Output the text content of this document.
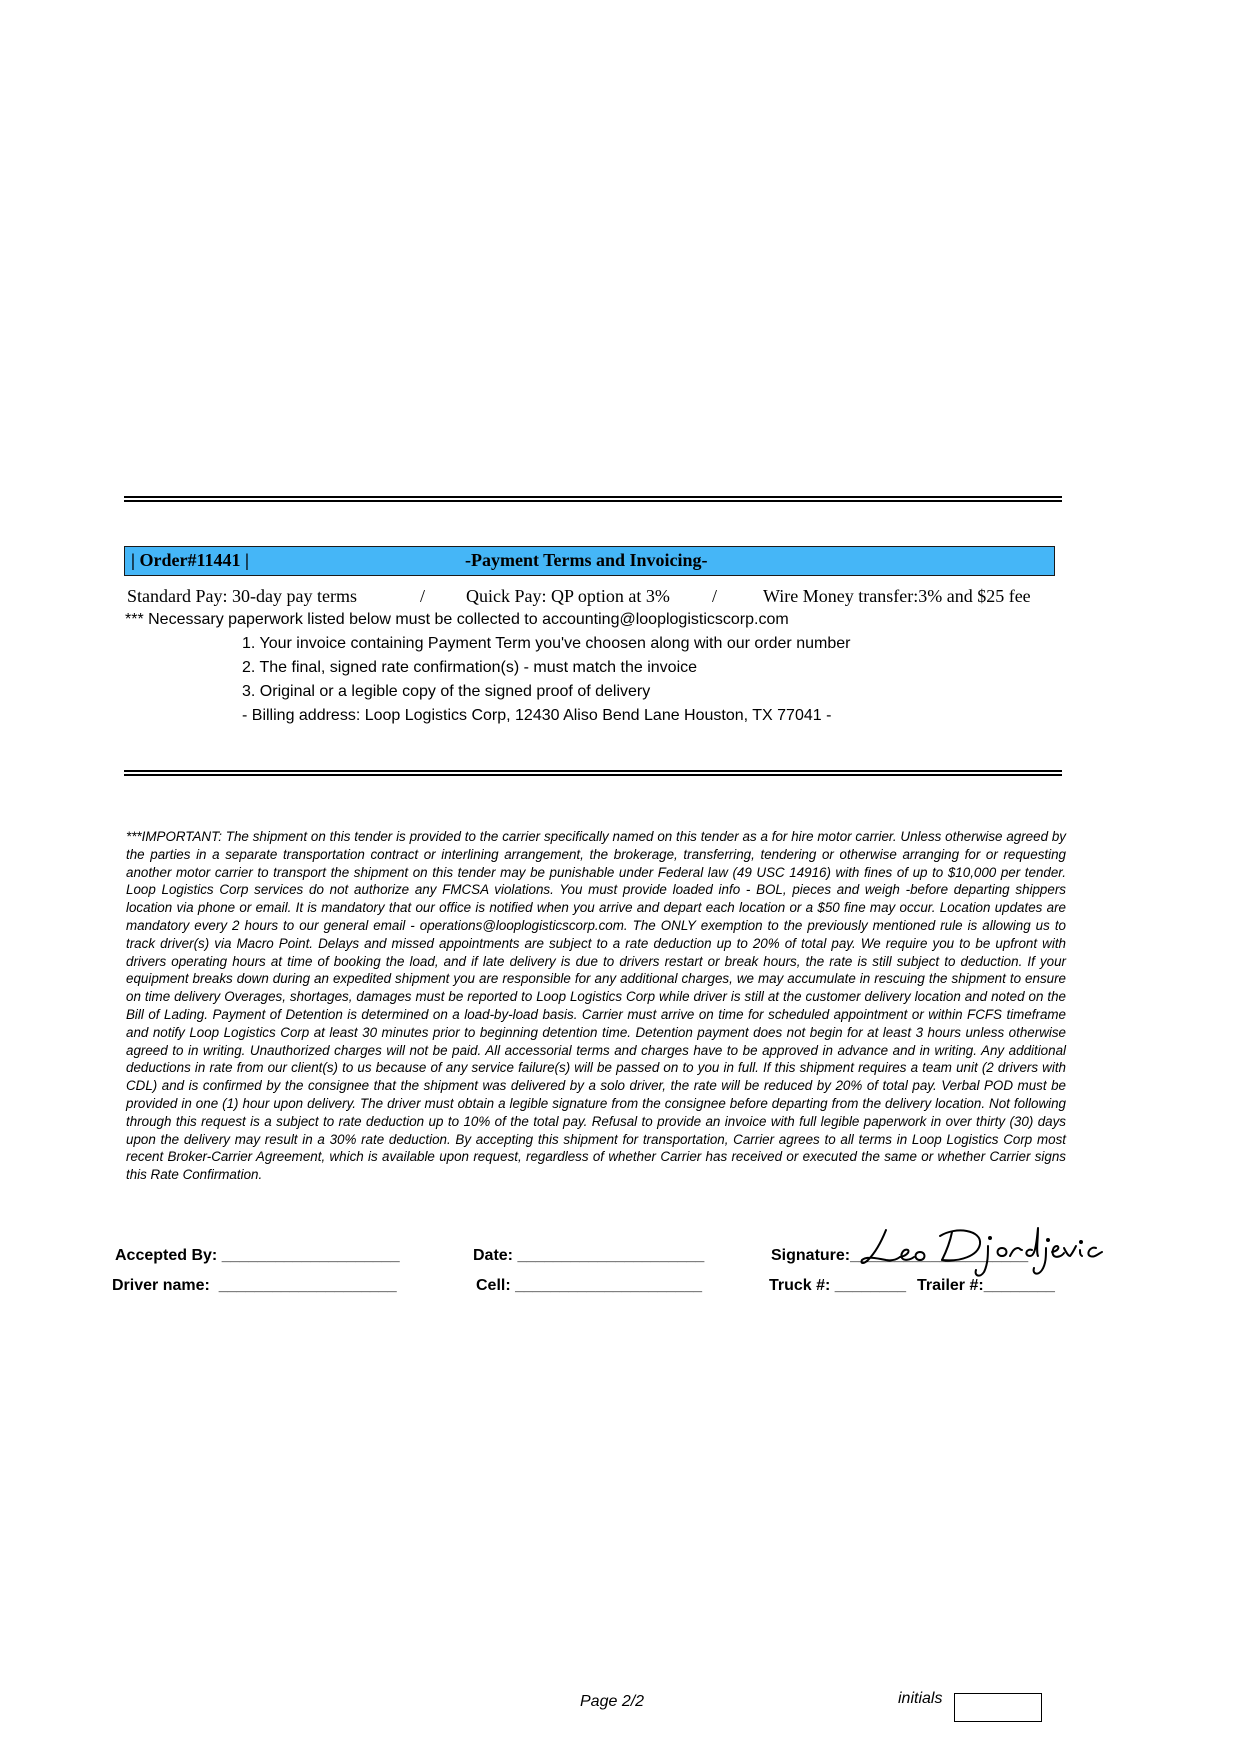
| Order#11441 |	-Payment Terms and Invoicing-
Standard Pay: 30-day pay terms	/ Quick Pay: QP option at 3% /	Wire Money transfer:3% and $25 fee
*** Necessary paperwork listed below must be collected to accounting@looplogisticscorp.com
1. Your invoice containing Payment Term you've choosen along with our order number
2. The final, signed rate confirmation(s) - must match the invoice
3. Original or a legible copy of the signed proof of delivery
- Billing address: Loop Logistics Corp, 12430 Aliso Bend Lane Houston, TX 77041 -
***IMPORTANT: The shipment on this tender is provided to the carrier specifically named on this tender as a for hire motor carrier. Unless otherwise agreed by the parties in a separate transportation contract or interlining arrangement, the brokerage, transferring, tendering or otherwise arranging for or requesting another motor carrier to transport the shipment on this tender may be punishable under Federal law (49 USC 14916) with fines of up to $10,000 per tender. Loop Logistics Corp services do not authorize any FMCSA violations. You must provide loaded info - BOL, pieces and weigh -before departing shippers location via phone or email. It is mandatory that our office is notified when you arrive and depart each location or a $50 fine may occur. Location updates are mandatory every 2 hours to our general email - operations@looplogisticscorp.com. The ONLY exemption to the previously mentioned rule is allowing us to track driver(s) via Macro Point. Delays and missed appointments are subject to a rate deduction up to 20% of total pay. We require you to be upfront with drivers operating hours at time of booking the load, and if late delivery is due to drivers restart or break hours, the rate is still subject to deduction. If your equipment breaks down during an expedited shipment you are responsible for any additional charges, we may accumulate in rescuing the shipment to ensure on time delivery Overages, shortages, damages must be reported to Loop Logistics Corp while driver is still at the customer delivery location and noted on the Bill of Lading. Payment of Detention is determined on a load-by-load basis. Carrier must arrive on time for scheduled appointment or within FCFS timeframe and notify Loop Logistics Corp at least 30 minutes prior to beginning detention time. Detention payment does not begin for at least 3 hours unless otherwise agreed to in writing. Unauthorized charges will not be paid. All accessorial terms and charges have to be approved in advance and in writing. Any additional deductions in rate from our client(s) to us because of any service failure(s) will be passed on to you in full. If this shipment requires a team unit (2 drivers with CDL) and is confirmed by the consignee that the shipment was delivered by a solo driver, the rate will be reduced by 20% of total pay. Verbal POD must be provided in one (1) hour upon delivery. The driver must obtain a legible signature from the consignee before departing from the delivery location. Not following through this request is a subject to rate deduction up to 10% of the total pay. Refusal to provide an invoice with full legible paperwork in over thirty (30) days upon the delivery may result in a 30% rate deduction. By accepting this shipment for transportation, Carrier agrees to all terms in Loop Logistics Corp most recent Broker-Carrier Agreement, which is available upon request, regardless of whether Carrier has received or executed the same or whether Carrier signs this Rate Confirmation.
Accepted By: ____________________	Date: _____________________	Signature:____________________
Driver name:  ____________________	Cell: _____________________	Truck #: ________ Trailer #:________
Page 2/2	initials
